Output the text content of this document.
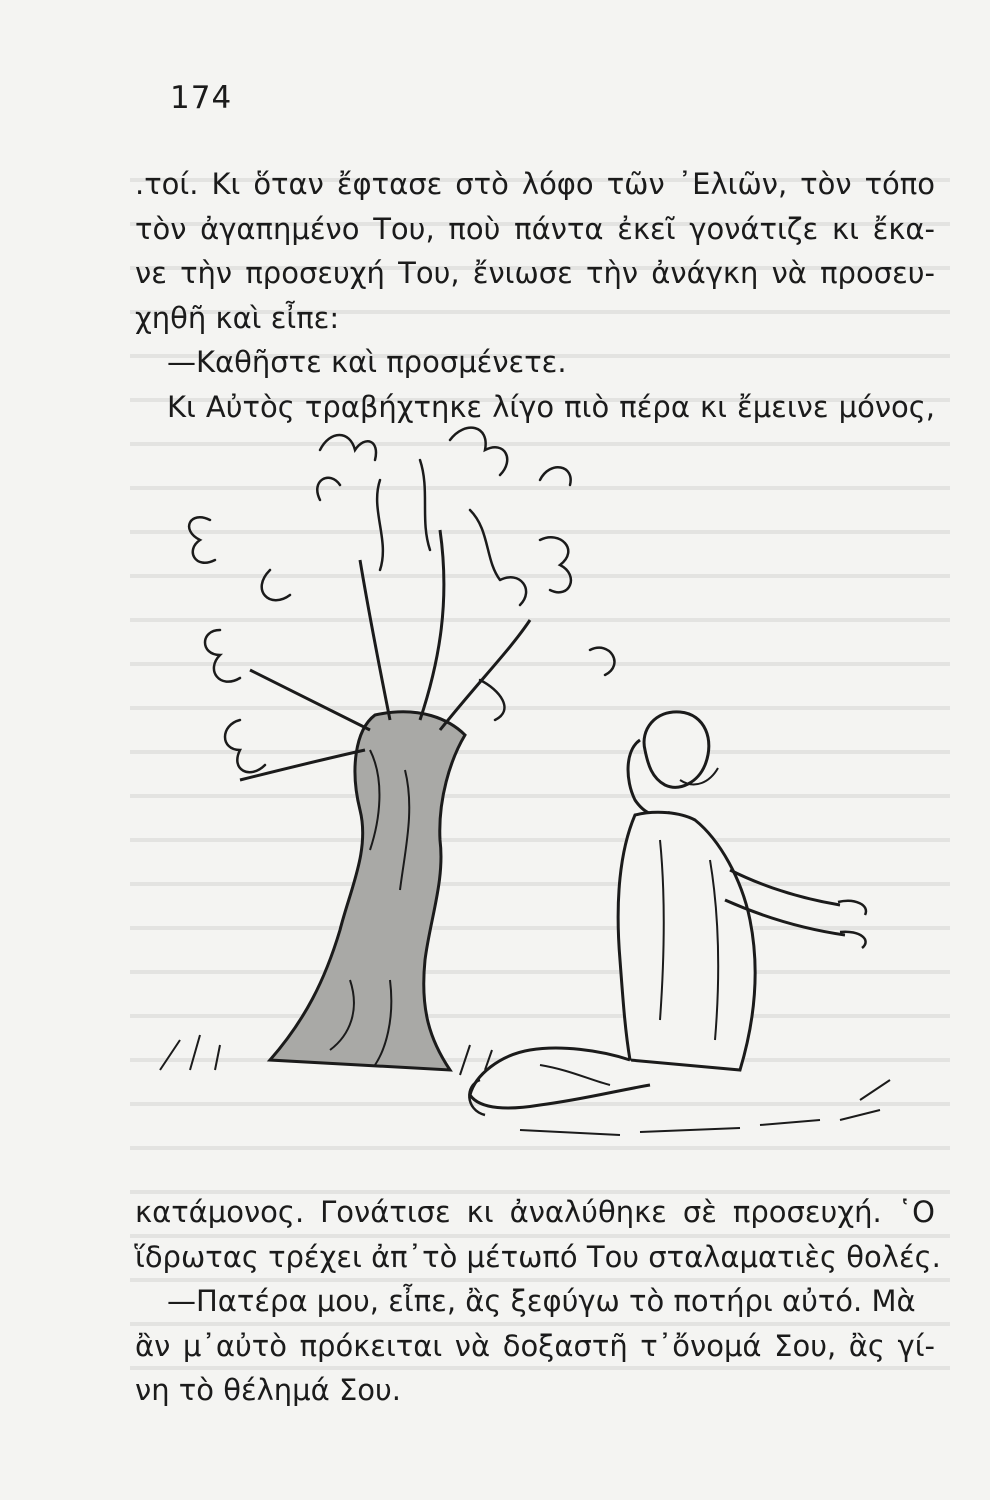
174
.τοί. Κι ὅταν ἔφτασε στὸ λόφο τῶν ᾿Ελιῶν, τὸν τόπο
τὸν ἀγαπημένο Του, ποὺ πάντα ἐκεῖ γονάτιζε κι ἔκα-
νε τὴν προσευχή Του, ἔνιωσε τὴν ἀνάγκη νὰ προσευ-
χηθῆ καὶ εἶπε:
—Καθῆστε καὶ προσμένετε.
Κι Αὐτὸς τραβήχτηκε λίγο πιὸ πέρα κι ἔμεινε μόνος,
κατάμονος. Γονάτισε κι ἀναλύθηκε σὲ προσευχή. ῾Ο
ἵδρωτας τρέχει ἀπ᾿τὸ μέτωπό Του σταλαματιὲς θολές.
—Πατέρα μου, εἶπε, ἂς ξεφύγω τὸ ποτήρι αὐτό. Μὰ
ἂν μ᾿αὐτὸ πρόκειται νὰ δοξαστῆ τ᾿ὄνομά Σου, ἂς γί-
νη τὸ θέλημά Σου.
